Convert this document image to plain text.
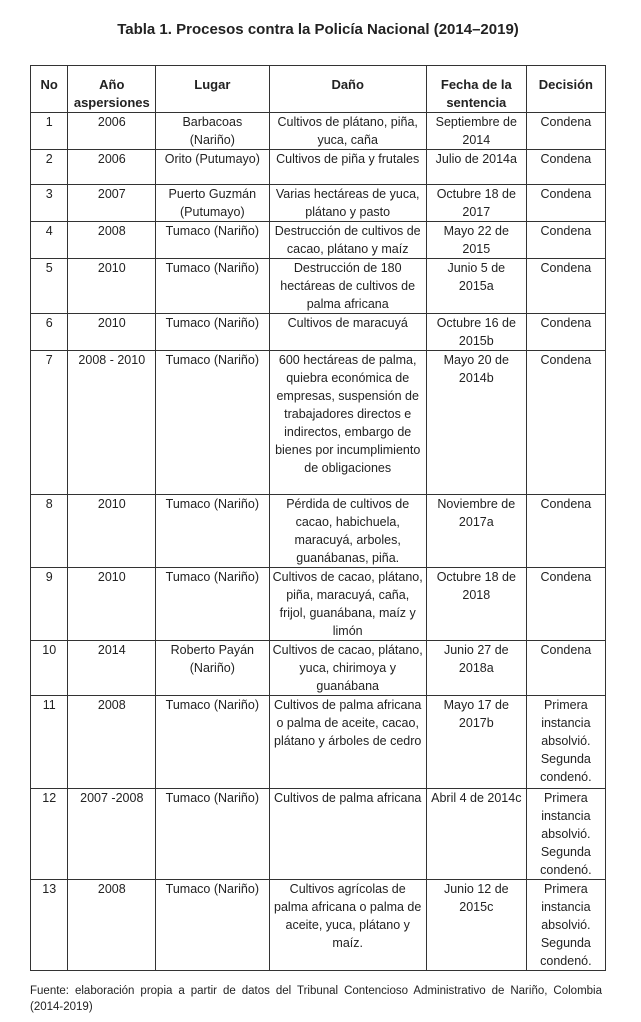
Tabla 1. Procesos contra la Policía Nacional (2014–2019)
No	Año aspersiones	Lugar	Daño	Fecha de la sentencia	Decisión
1	2006	Barbacoas (Nariño)	Cultivos de plátano, piña, yuca, caña	Septiembre de 2014	Condena
2	2006	Orito (Putumayo)	Cultivos de piña y frutales	Julio de 2014a	Condena
3	2007	Puerto Guzmán (Putumayo)	Varias hectáreas de yuca, plátano y pasto	Octubre 18 de 2017	Condena
4	2008	Tumaco (Nariño)	Destrucción de cultivos de cacao, plátano y maíz	Mayo 22 de 2015	Condena
5	2010	Tumaco (Nariño)	Destrucción de 180 hectáreas de cultivos de palma africana	Junio 5 de 2015a	Condena
6	2010	Tumaco (Nariño)	Cultivos de maracuyá	Octubre 16 de 2015b	Condena
7	2008 - 2010	Tumaco (Nariño)	600 hectáreas de palma, quiebra económica de empresas, suspensión de trabajadores directos e indirectos, embargo de bienes por incumplimiento de obligaciones	Mayo 20 de 2014b	Condena
8	2010	Tumaco (Nariño)	Pérdida de cultivos de cacao, habichuela, maracuyá, arboles, guanábanas, piña.	Noviembre de 2017a	Condena
9	2010	Tumaco (Nariño)	Cultivos de cacao, plátano, piña, maracuyá, caña, frijol, guanábana, maíz y limón	Octubre 18 de 2018	Condena
10	2014	Roberto Payán (Nariño)	Cultivos de cacao, plátano, yuca, chirimoya y guanábana	Junio 27 de 2018a	Condena
11	2008	Tumaco (Nariño)	Cultivos de palma africana o palma de aceite, cacao, plátano y árboles de cedro	Mayo 17 de 2017b	Primera instancia absolvió. Segunda condenó.
12	2007 -2008	Tumaco (Nariño)	Cultivos de palma africana	Abril 4 de 2014c	Primera instancia absolvió. Segunda condenó.
13	2008	Tumaco (Nariño)	Cultivos agrícolas de palma africana o palma de aceite, yuca, plátano y maíz.	Junio 12 de 2015c	Primera instancia absolvió. Segunda condenó.
Fuente: elaboración propia a partir de datos del Tribunal Contencioso Administrativo de Nariño, Colombia (2014-2019)
